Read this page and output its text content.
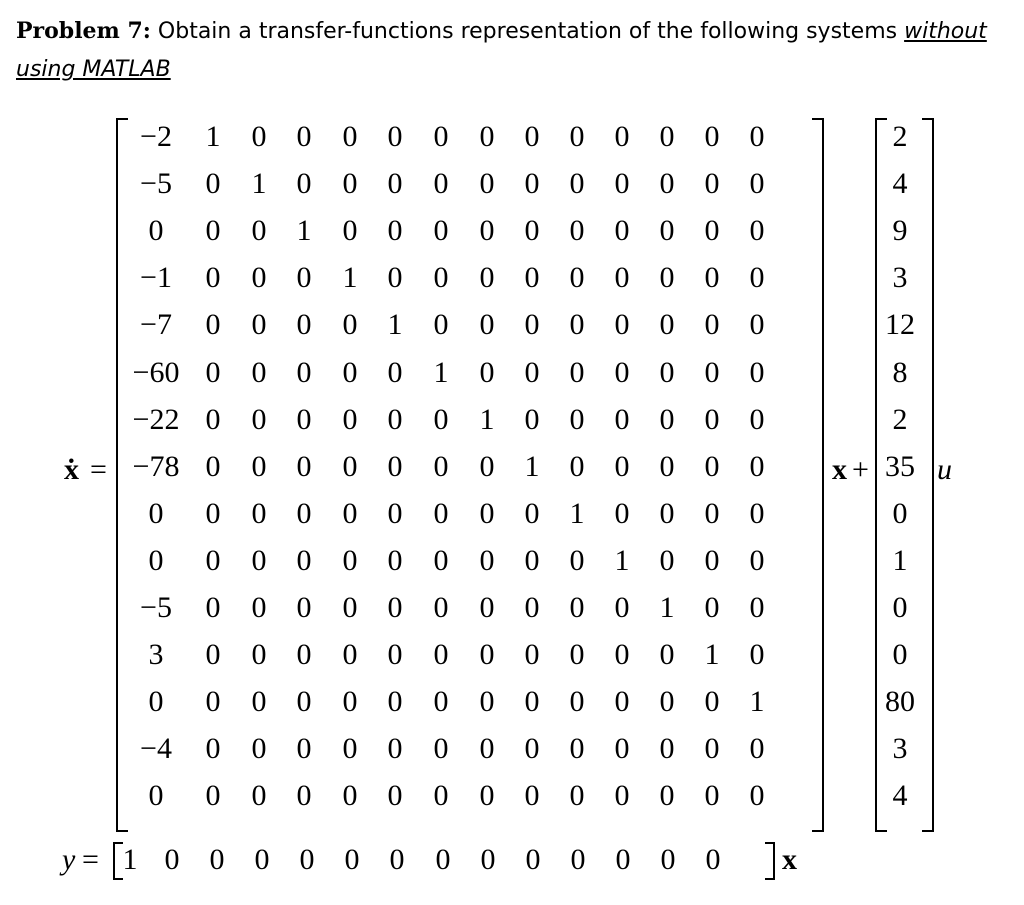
Problem 7: Obtain a transfer-functions representation of the following systems without using MATLAB
ẋ =
−2 1 0 0 0 0 0 0 0 0 0 0 0 0
−5 0 1 0 0 0 0 0 0 0 0 0 0 0
0 0 0 1 0 0 0 0 0 0 0 0 0 0
−1 0 0 0 1 0 0 0 0 0 0 0 0 0
−7 0 0 0 0 1 0 0 0 0 0 0 0 0
−60 0 0 0 0 0 1 0 0 0 0 0 0 0
−22 0 0 0 0 0 0 1 0 0 0 0 0 0
−78 0 0 0 0 0 0 0 1 0 0 0 0 0
0 0 0 0 0 0 0 0 0 1 0 0 0 0
0 0 0 0 0 0 0 0 0 0 1 0 0 0
−5 0 0 0 0 0 0 0 0 0 0 1 0 0
3 0 0 0 0 0 0 0 0 0 0 0 1 0
0 0 0 0 0 0 0 0 0 0 0 0 0 1
−4 0 0 0 0 0 0 0 0 0 0 0 0 0
0 0 0 0 0 0 0 0 0 0 0 0 0 0
x +
2
4
9
3
12
8
2
35
0
1
0
0
80
3
4
u
y = 1 0 0 0 0 0 0 0 0 0 0 0 0 0 x
